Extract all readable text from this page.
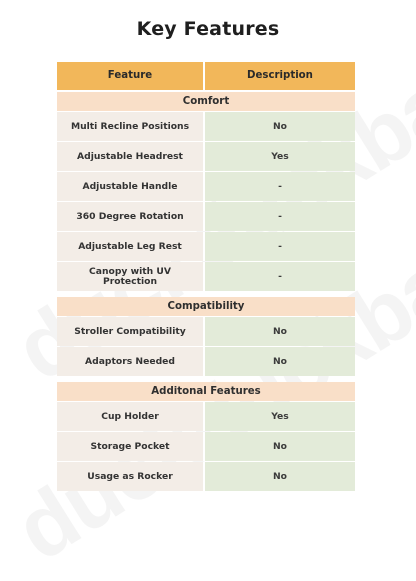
Key Features
Feature	Description
Comfort
Multi Recline Positions	No
Adjustable Headrest	Yes
Adjustable Handle	-
360 Degree Rotation	-
Adjustable Leg Rest	-
Canopy with UV Protection	-
Compatibility
Stroller Compatibility	No
Adaptors Needed	No
Additonal Features
Cup Holder	Yes
Storage Pocket	No
Usage as Rocker	No
